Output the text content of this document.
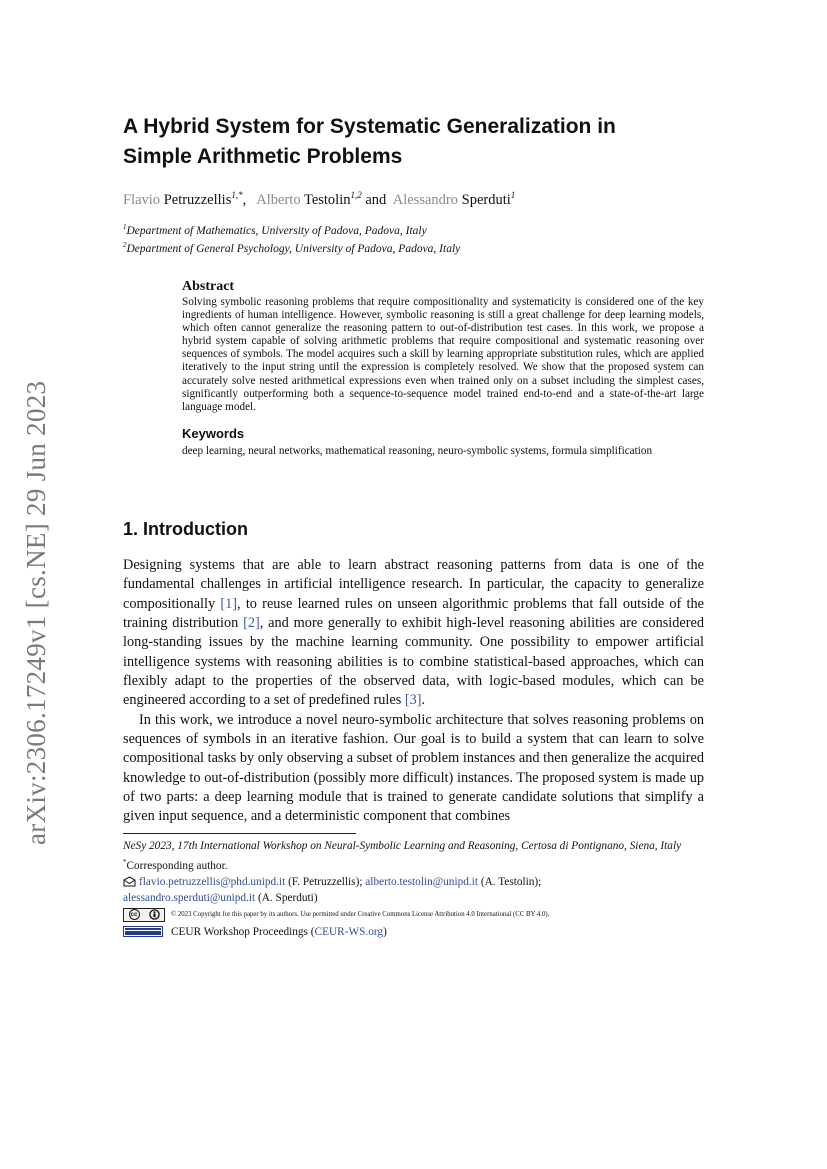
arXiv:2306.17249v1 [cs.NE] 29 Jun 2023
A Hybrid System for Systematic Generalization in
Simple Arithmetic Problems
Flavio Petruzzellis$^{1,*}$,   Alberto Testolin$^{1,2}$ and  Alessandro Sperduti$^1$
$^1$Department of Mathematics, University of Padova, Padova, Italy
$^2$Department of General Psychology, University of Padova, Padova, Italy
Abstract

Solving symbolic reasoning problems that require compositionality and systematicity is considered one of the key ingredients of human intelligence. However, symbolic reasoning is still a great challenge for deep learning models, which often cannot generalize the reasoning pattern to out-of-distribution test cases. In this work, we propose a hybrid system capable of solving arithmetic problems that require compositional and systematic reasoning over sequences of symbols. The model acquires such a skill by learning appropriate substitution rules, which are applied iteratively to the input string until the expression is completely resolved. We show that the proposed system can accurately solve nested arithmetical expressions even when trained only on a subset including the simplest cases, significantly outperforming both a sequence-to-sequence model trained end-to-end and a state-of-the-art large language model.

Keywords

deep learning, neural networks, mathematical reasoning, neuro-symbolic systems, formula simplification

1. Introduction

Designing systems that are able to learn abstract reasoning patterns from data is one of the fundamental challenges in artificial intelligence research. In particular, the capacity to generalize compositionally [1], to reuse learned rules on unseen algorithmic problems that fall outside of the training distribution [2], and more generally to exhibit high-level reasoning abilities are considered long-standing issues by the machine learning community. One possibility to empower artificial intelligence systems with reasoning abilities is to combine statistical-based approaches, which can flexibly adapt to the properties of the observed data, with logic-based modules, which can be engineered according to a set of predefined rules [3].

In this work, we introduce a novel neuro-symbolic architecture that solves reasoning problems on sequences of symbols in an iterative fashion. Our goal is to build a system that can learn to solve compositional tasks by only observing a subset of problem instances and then generalize the acquired knowledge to out-of-distribution (possibly more difficult) instances. The proposed system is made up of two parts: a deep learning module that is trained to generate candidate solutions that simplify a given input sequence, and a deterministic component that combines

NeSy 2023, 17th International Workshop on Neural-Symbolic Learning and Reasoning, Certosa di Pontignano, Siena, Italy

*Corresponding author.

flavio.petruzzellis@phd.unipd.it (F. Petruzzellis); alberto.testolin@unipd.it (A. Testolin);
alessandro.sperduti@unipd.it (A. Sperduti)

cc	© 2023 Copyright for this paper by its authors. Use permitted under Creative Commons License Attribution 4.0 International (CC BY 4.0).
CEUR Workshop Proceedings ( CEUR-WS.org )
